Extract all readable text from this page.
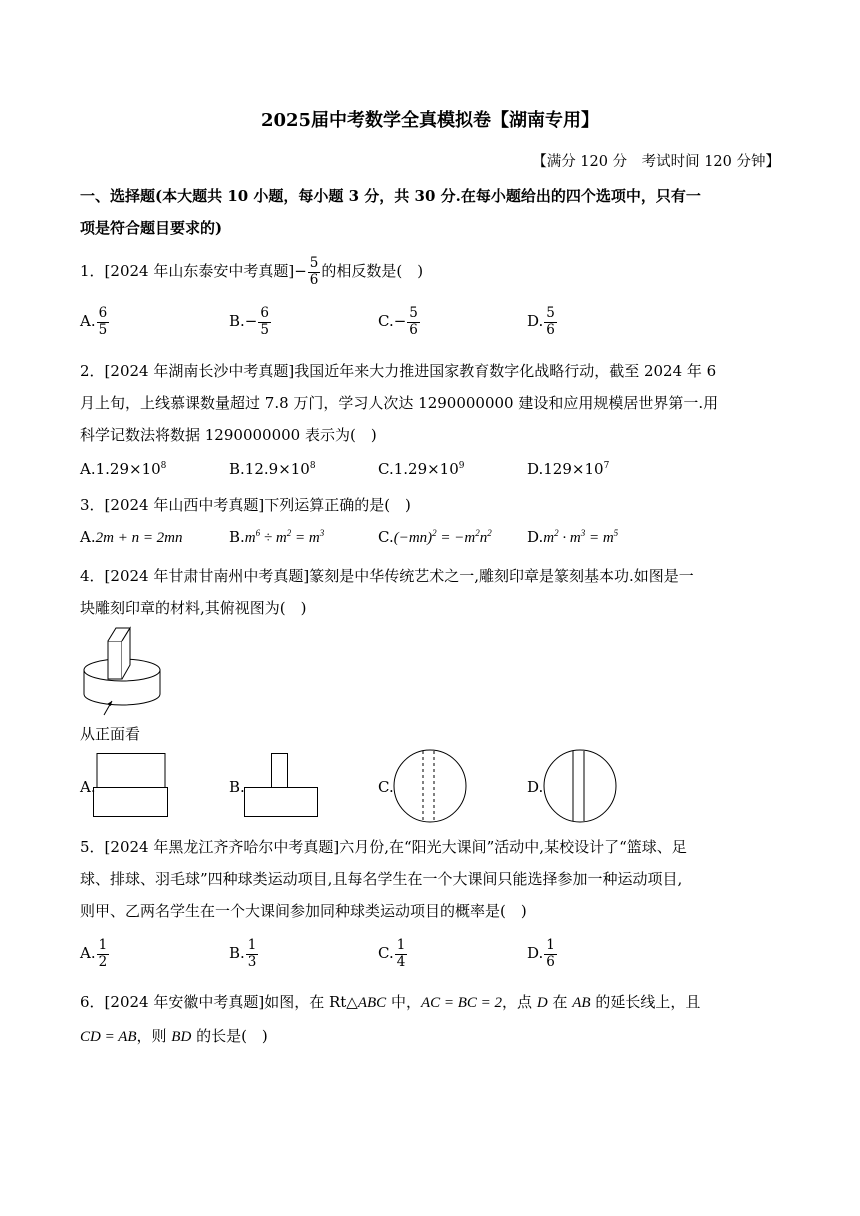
2025届中考数学全真模拟卷【湖南专用】
【满分 120 分　考试时间 120 分钟】
一、选择题(本大题共 10 小题，每小题 3 分，共 30 分.在每小题给出的四个选项中，只有一
项是符合题目要求的)
1．[2024 年山东泰安中考真题]− $\frac{5}{6}$ 的相反数是(　)
A. $\frac{6}{5}$	$B.- \frac{6}{5}$	$C.- \frac{5}{6}$	D. $\frac{5}{6}$
2．[2024 年湖南长沙中考真题]我国近年来大力推进国家教育数字化战略行动，截至 2024 年 6
月上旬，上线慕课数量超过 7.8 万门，学习人次达 1290000000 建设和应用规模居世界第一.用
科学记数法将数据 1290000000 表示为(　)
$A.1.29\times 10^8$	$B.12.9\times 10^8$	$C.1.29\times 10^9$	$D.129\times 10^7$
3．[2024 年山西中考真题]下列运算正确的是(　)
A.2m + n = 2mn	$B.m^6 \div m^2 = m^3$	$C.(-mn)^2 = -m^2n^2$ $D.m^2 \cdot m^3 = m^5$
4．[2024 年甘肃甘南州中考真题]篆刻是中华传统艺术之一,雕刻印章是篆刻基本功.如图是一
块雕刻印章的材料,其俯视图为(　)
从正面看
A.	B.	C.	D.
5．[2024 年黑龙江齐齐哈尔中考真题]六月份,在“阳光大课间”活动中,某校设计了“篮球、足
球、排球、羽毛球”四种球类运动项目,且每名学生在一个大课间只能选择参加一种运动项目,
则甲、乙两名学生在一个大课间参加同种球类运动项目的概率是(　)
A. $\frac{1}{2}$	B. $\frac{1}{3}$	C. $\frac{1}{4}$	D. $\frac{1}{6}$
6．[2024 年安徽中考真题]如图，在 Rt△ABC 中，AC = BC = 2，点 D 在 AB 的延长线上，且
CD = AB，则 BD 的长是(　)
